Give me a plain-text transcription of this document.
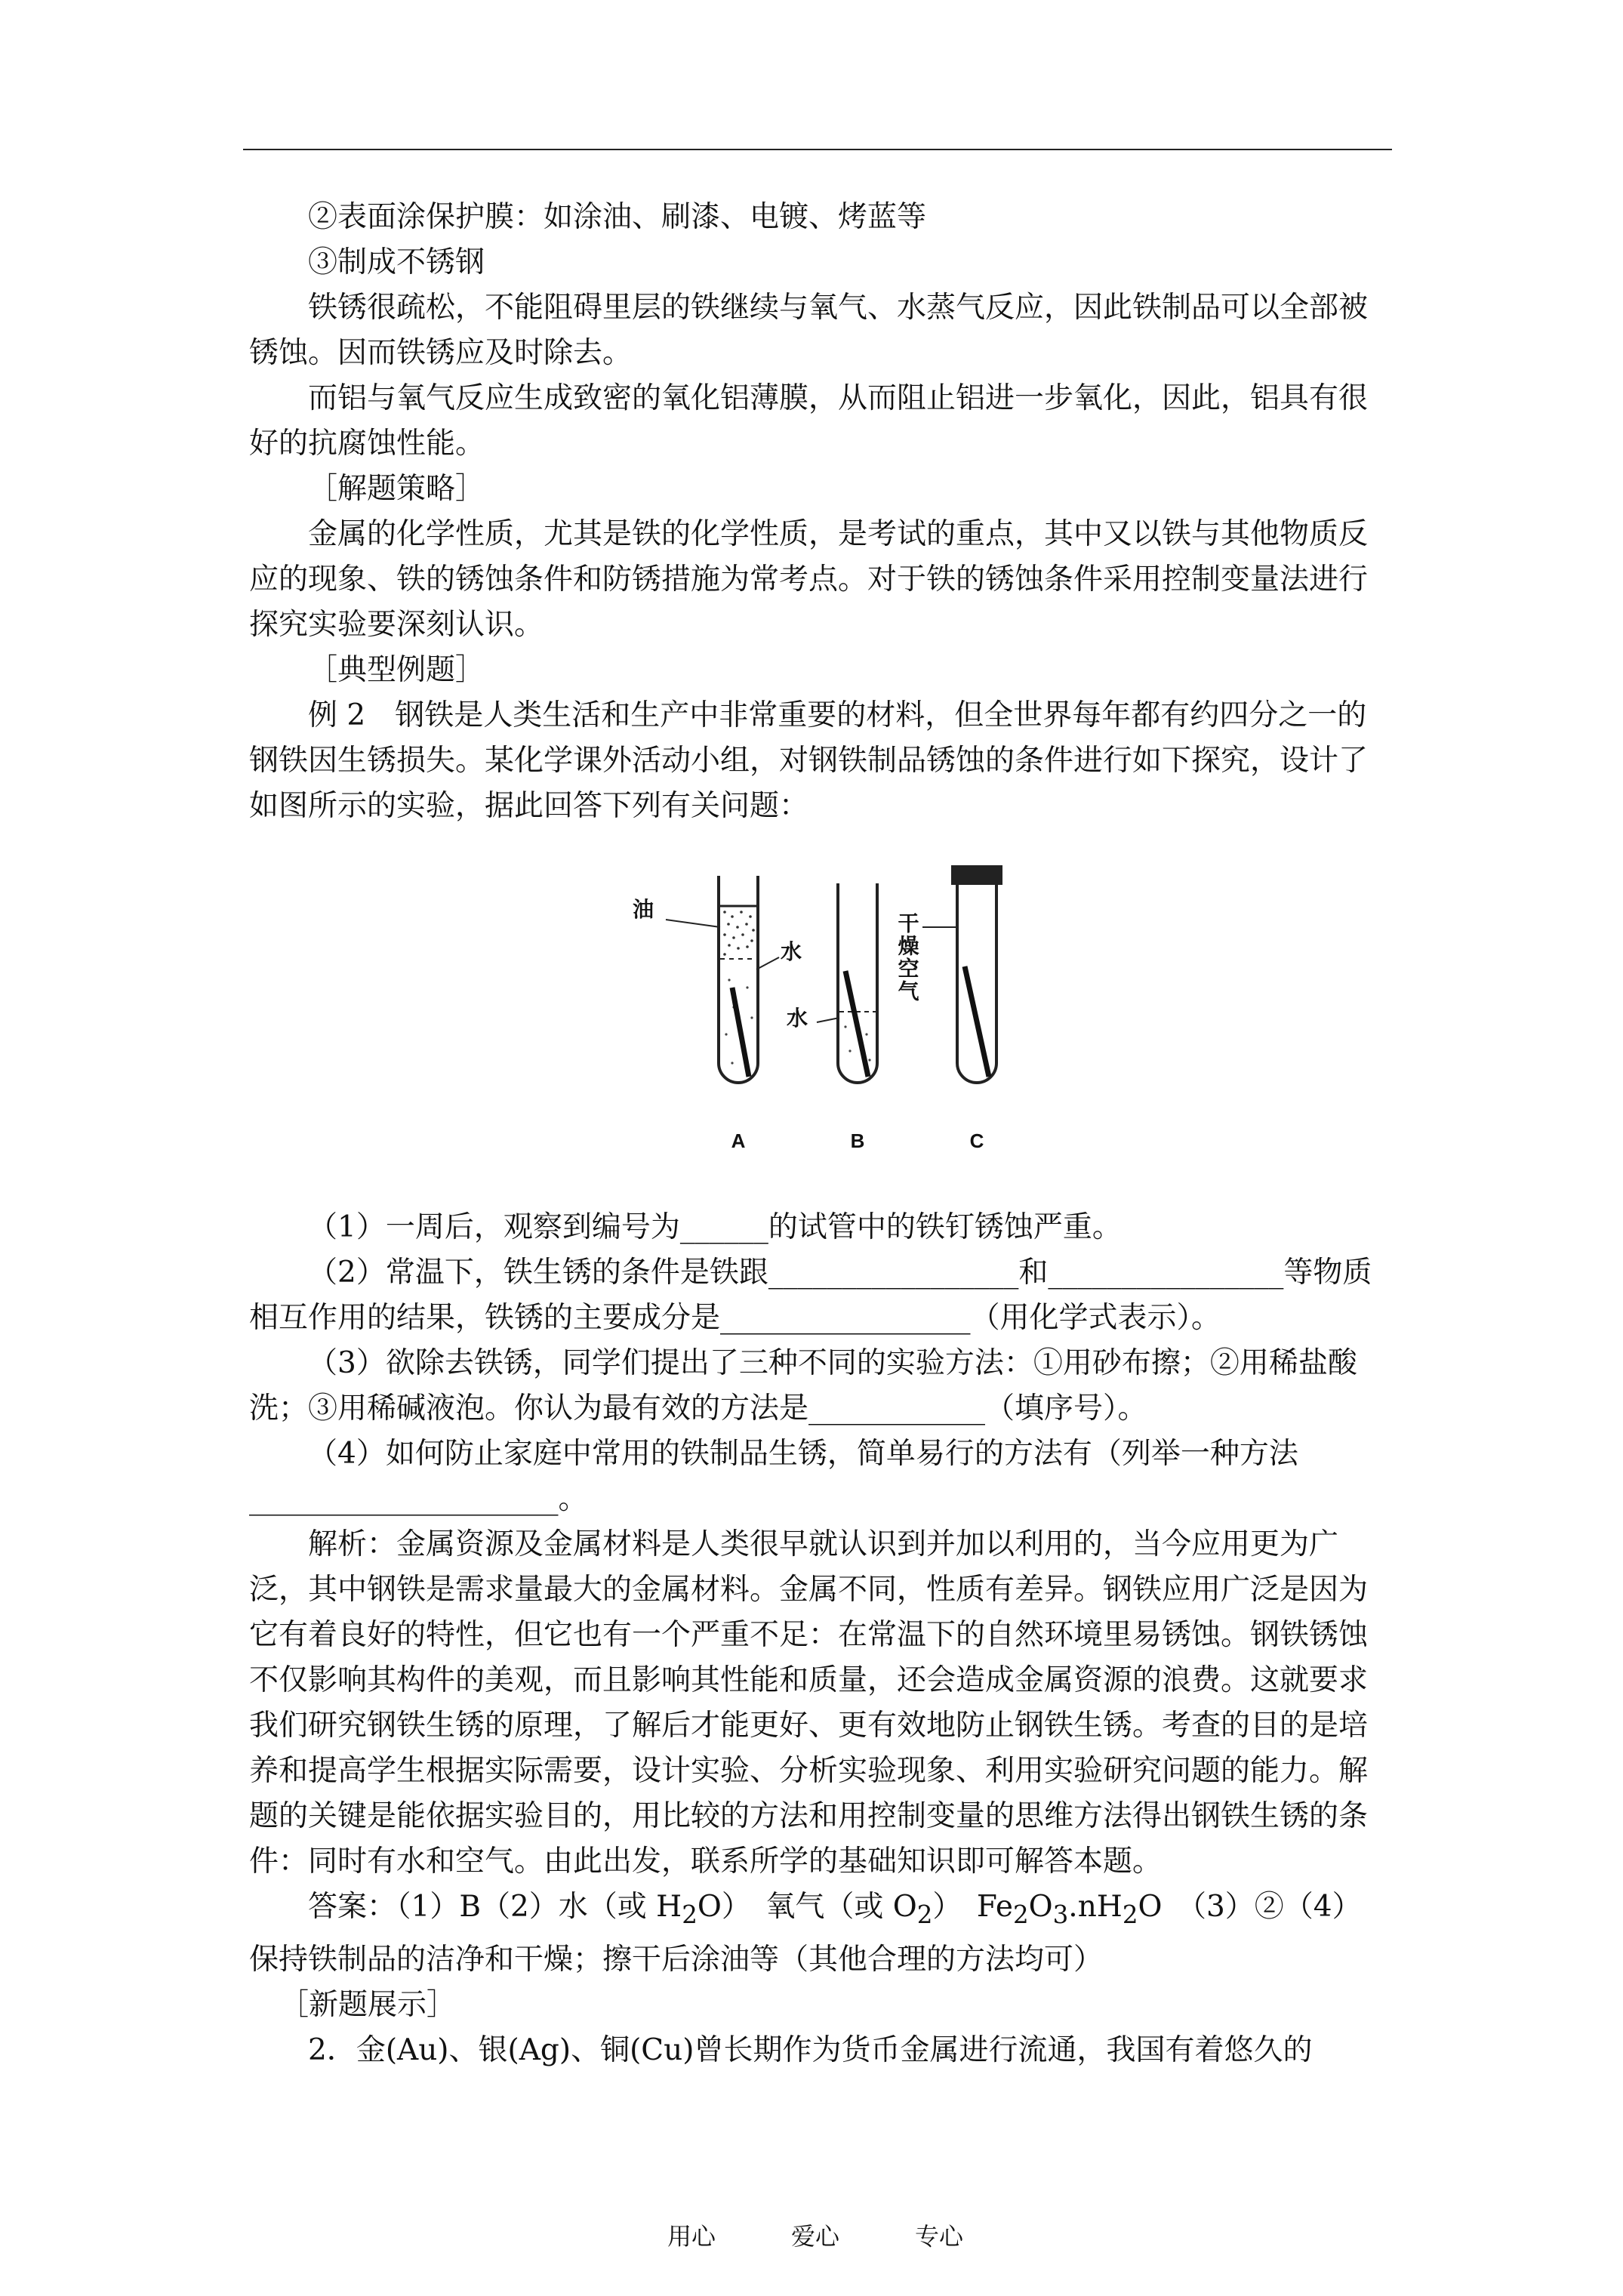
②表面涂保护膜：如涂油、刷漆、电镀、烤蓝等

③制成不锈钢

铁锈很疏松，不能阻碍里层的铁继续与氧气、水蒸气反应，因此铁制品可以全部被锈蚀。因而铁锈应及时除去。

而铝与氧气反应生成致密的氧化铝薄膜，从而阻止铝进一步氧化，因此，铝具有很好的抗腐蚀性能。

［解题策略］

金属的化学性质，尤其是铁的化学性质，是考试的重点，其中又以铁与其他物质反应的现象、铁的锈蚀条件和防锈措施为常考点。对于铁的锈蚀条件采用控制变量法进行探究实验要深刻认识。

［典型例题］

例 2　钢铁是人类生活和生产中非常重要的材料，但全世界每年都有约四分之一的钢铁因生锈损失。某化学课外活动小组，对钢铁制品锈蚀的条件进行如下探究，设计了如图所示的实验，据此回答下列有关问题：

油
水
水
干燥空气
A	B	C

（1）一周后，观察到编号为______的试管中的铁钉锈蚀严重。

（2）常温下，铁生锈的条件是铁跟_________________和________________等物质相互作用的结果，铁锈的主要成分是_________________（用化学式表示）。

（3）欲除去铁锈，同学们提出了三种不同的实验方法：①用砂布擦；②用稀盐酸洗；③用稀碱液泡。你认为最有效的方法是____________（填序号）。

（4）如何防止家庭中常用的铁制品生锈，简单易行的方法有（列举一种方法_____________________。

解析：金属资源及金属材料是人类很早就认识到并加以利用的，当今应用更为广泛，其中钢铁是需求量最大的金属材料。金属不同，性质有差异。钢铁应用广泛是因为它有着良好的特性，但它也有一个严重不足：在常温下的自然环境里易锈蚀。钢铁锈蚀不仅影响其构件的美观，而且影响其性能和质量，还会造成金属资源的浪费。这就要求我们研究钢铁生锈的原理，了解后才能更好、更有效地防止钢铁生锈。考查的目的是培养和提高学生根据实际需要，设计实验、分析实验现象、利用实验研究问题的能力。解题的关键是能依据实验目的，用比较的方法和用控制变量的思维方法得出钢铁生锈的条件：同时有水和空气。由此出发，联系所学的基础知识即可解答本题。

答案：（1）B（2）水（或 $H_2O$）　氧气（或 $O_2$）　$Fe_2O_3.nH_2O$　（3）②（4）保持铁制品的洁净和干燥；擦干后涂油等（其他合理的方法均可）

［新题展示］

2．金(Au)、银(Ag)、铜(Cu)曾长期作为货币金属进行流通，我国有着悠久的

用心	爱心	专心
